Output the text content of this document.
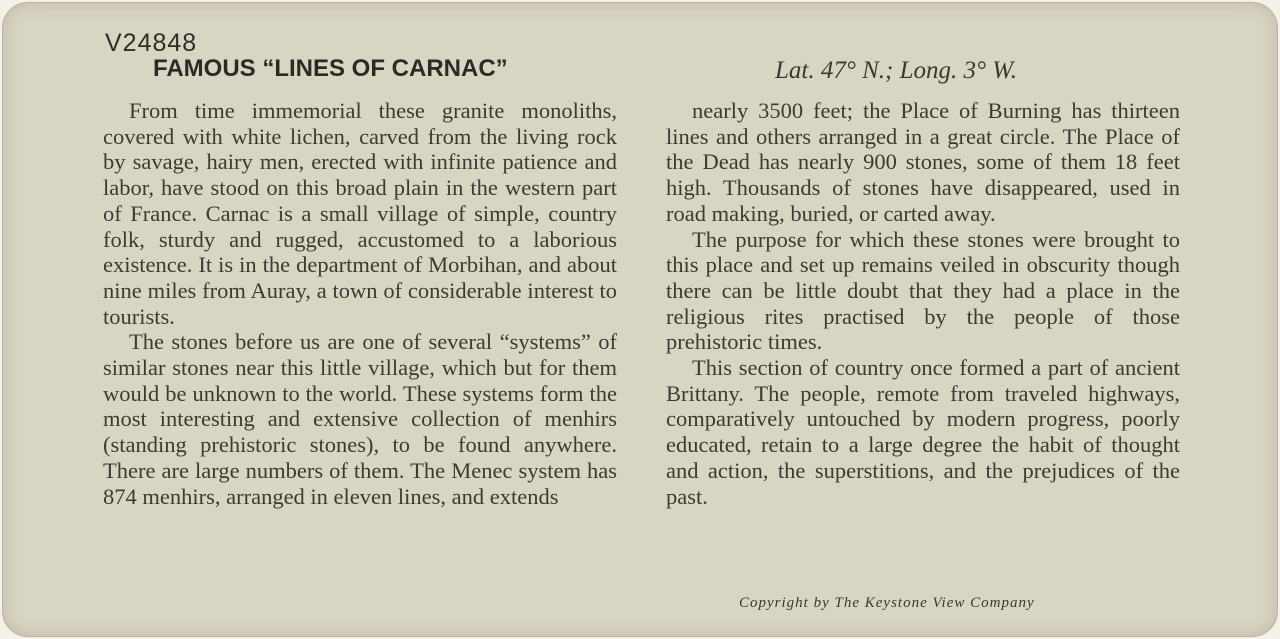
V24848
FAMOUS “LINES OF CARNAC”	Lat. 47° N.; Long. 3° W.

From time immemorial these granite monoliths, covered with white lichen, carved from the living rock by savage, hairy men, erected with infinite patience and labor, have stood on this broad plain in the western part of France. Carnac is a small village of simple, country folk, sturdy and rugged, accustomed to a laborious existence. It is in the department of Morbihan, and about nine miles from Auray, a town of considerable interest to tourists.

The stones before us are one of several “systems” of similar stones near this little village, which but for them would be unknown to the world. These systems form the most interesting and extensive collection of menhirs (standing prehistoric stones), to be found anywhere. There are large numbers of them. The Menec system has 874 menhirs, arranged in eleven lines, and extends

nearly 3500 feet; the Place of Burning has thirteen lines and others arranged in a great circle. The Place of the Dead has nearly 900 stones, some of them 18 feet high. Thousands of stones have disappeared, used in road making, buried, or carted away.

The purpose for which these stones were brought to this place and set up remains veiled in obscurity though there can be little doubt that they had a place in the religious rites practised by the people of those prehistoric times.

This section of country once formed a part of ancient Brittany. The people, remote from traveled highways, comparatively untouched by modern progress, poorly educated, retain to a large degree the habit of thought and action, the superstitions, and the prejudices of the past.

Copyright by The Keystone View Company
